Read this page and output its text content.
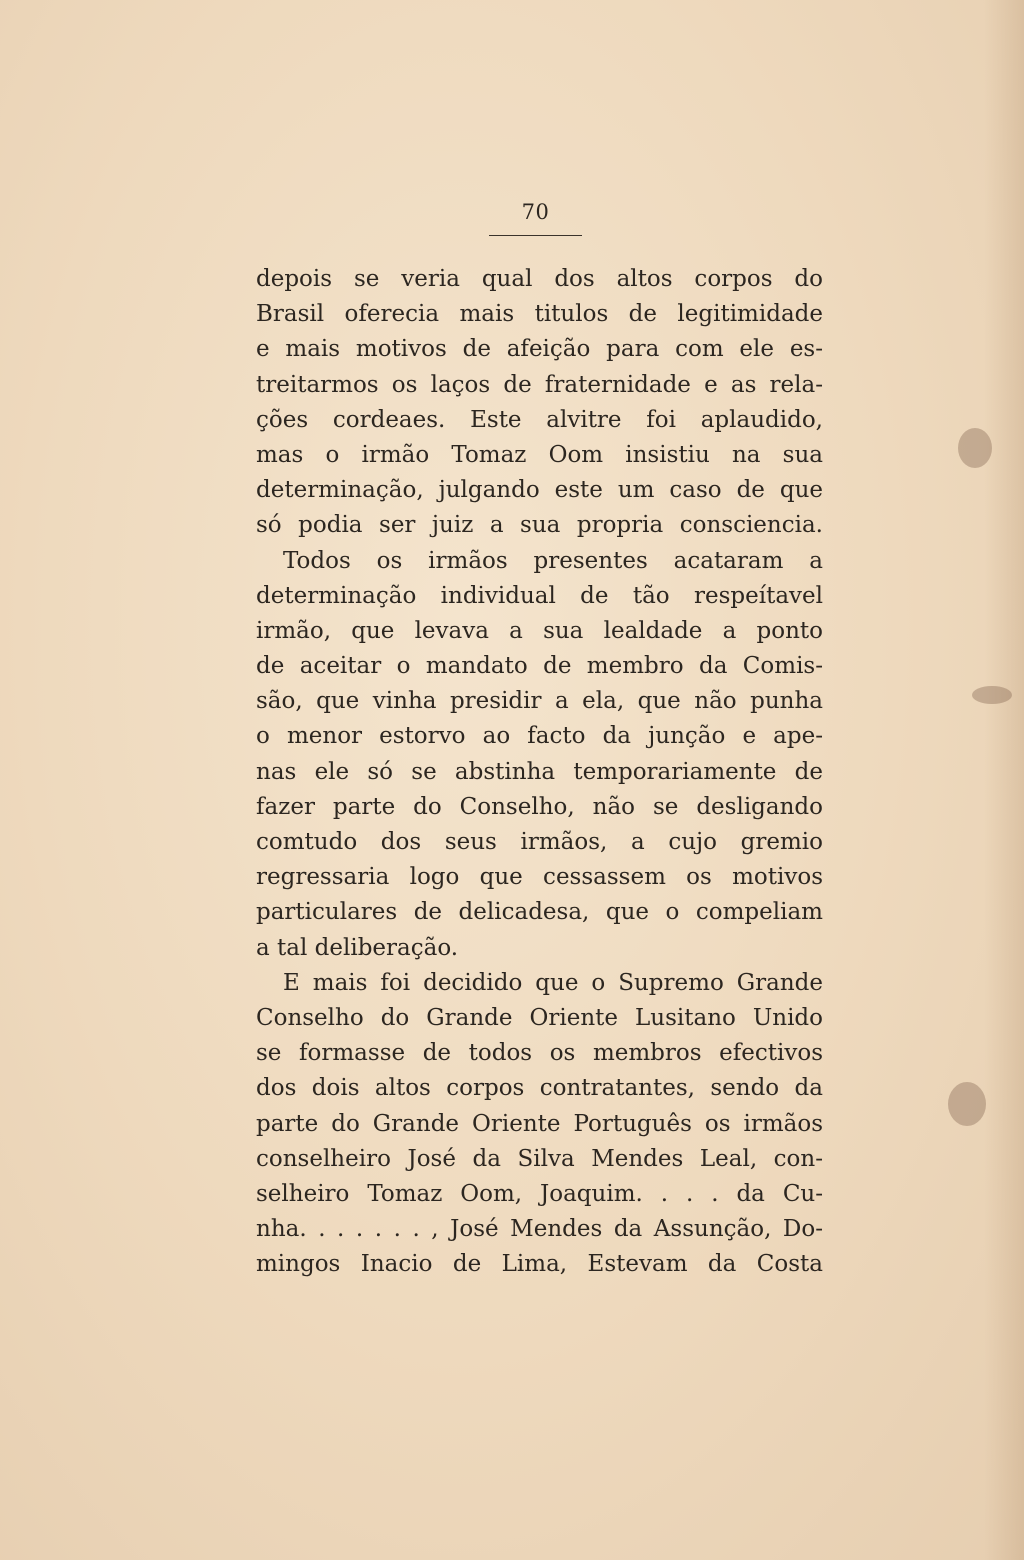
70
depois se veria qual dos altos corpos do
Brasil oferecia mais titulos de legitimidade
e mais motivos de afeição para com ele es-
treitarmos os laços de fraternidade e as rela-
ções cordeaes. Este alvitre foi aplaudido,
mas o irmão Tomaz Oom insistiu na sua
determinação, julgando este um caso de que
só podia ser juiz a sua propria consciencia.
Todos os irmãos presentes acataram a
determinação individual de tão respeítavel
irmão, que levava a sua lealdade a ponto
de aceitar o mandato de membro da Comis-
são, que vinha presidir a ela, que não punha
o menor estorvo ao facto da junção e ape-
nas ele só se abstinha temporariamente de
fazer parte do Conselho, não se desligando
comtudo dos seus irmãos, a cujo gremio
regressaria logo que cessassem os motivos
particulares de delicadesa, que o compeliam
a tal deliberação.
E mais foi decidido que o Supremo Grande
Conselho do Grande Oriente Lusitano Unido
se formasse de todos os membros efectivos
dos dois altos corpos contratantes, sendo da
parte do Grande Oriente Português os irmãos
conselheiro José da Silva Mendes Leal, con-
selheiro Tomaz Oom, Joaquim. . . . da Cu-
nha. . . . . . . , José Mendes da Assunção, Do-
mingos Inacio de Lima, Estevam da Costa
